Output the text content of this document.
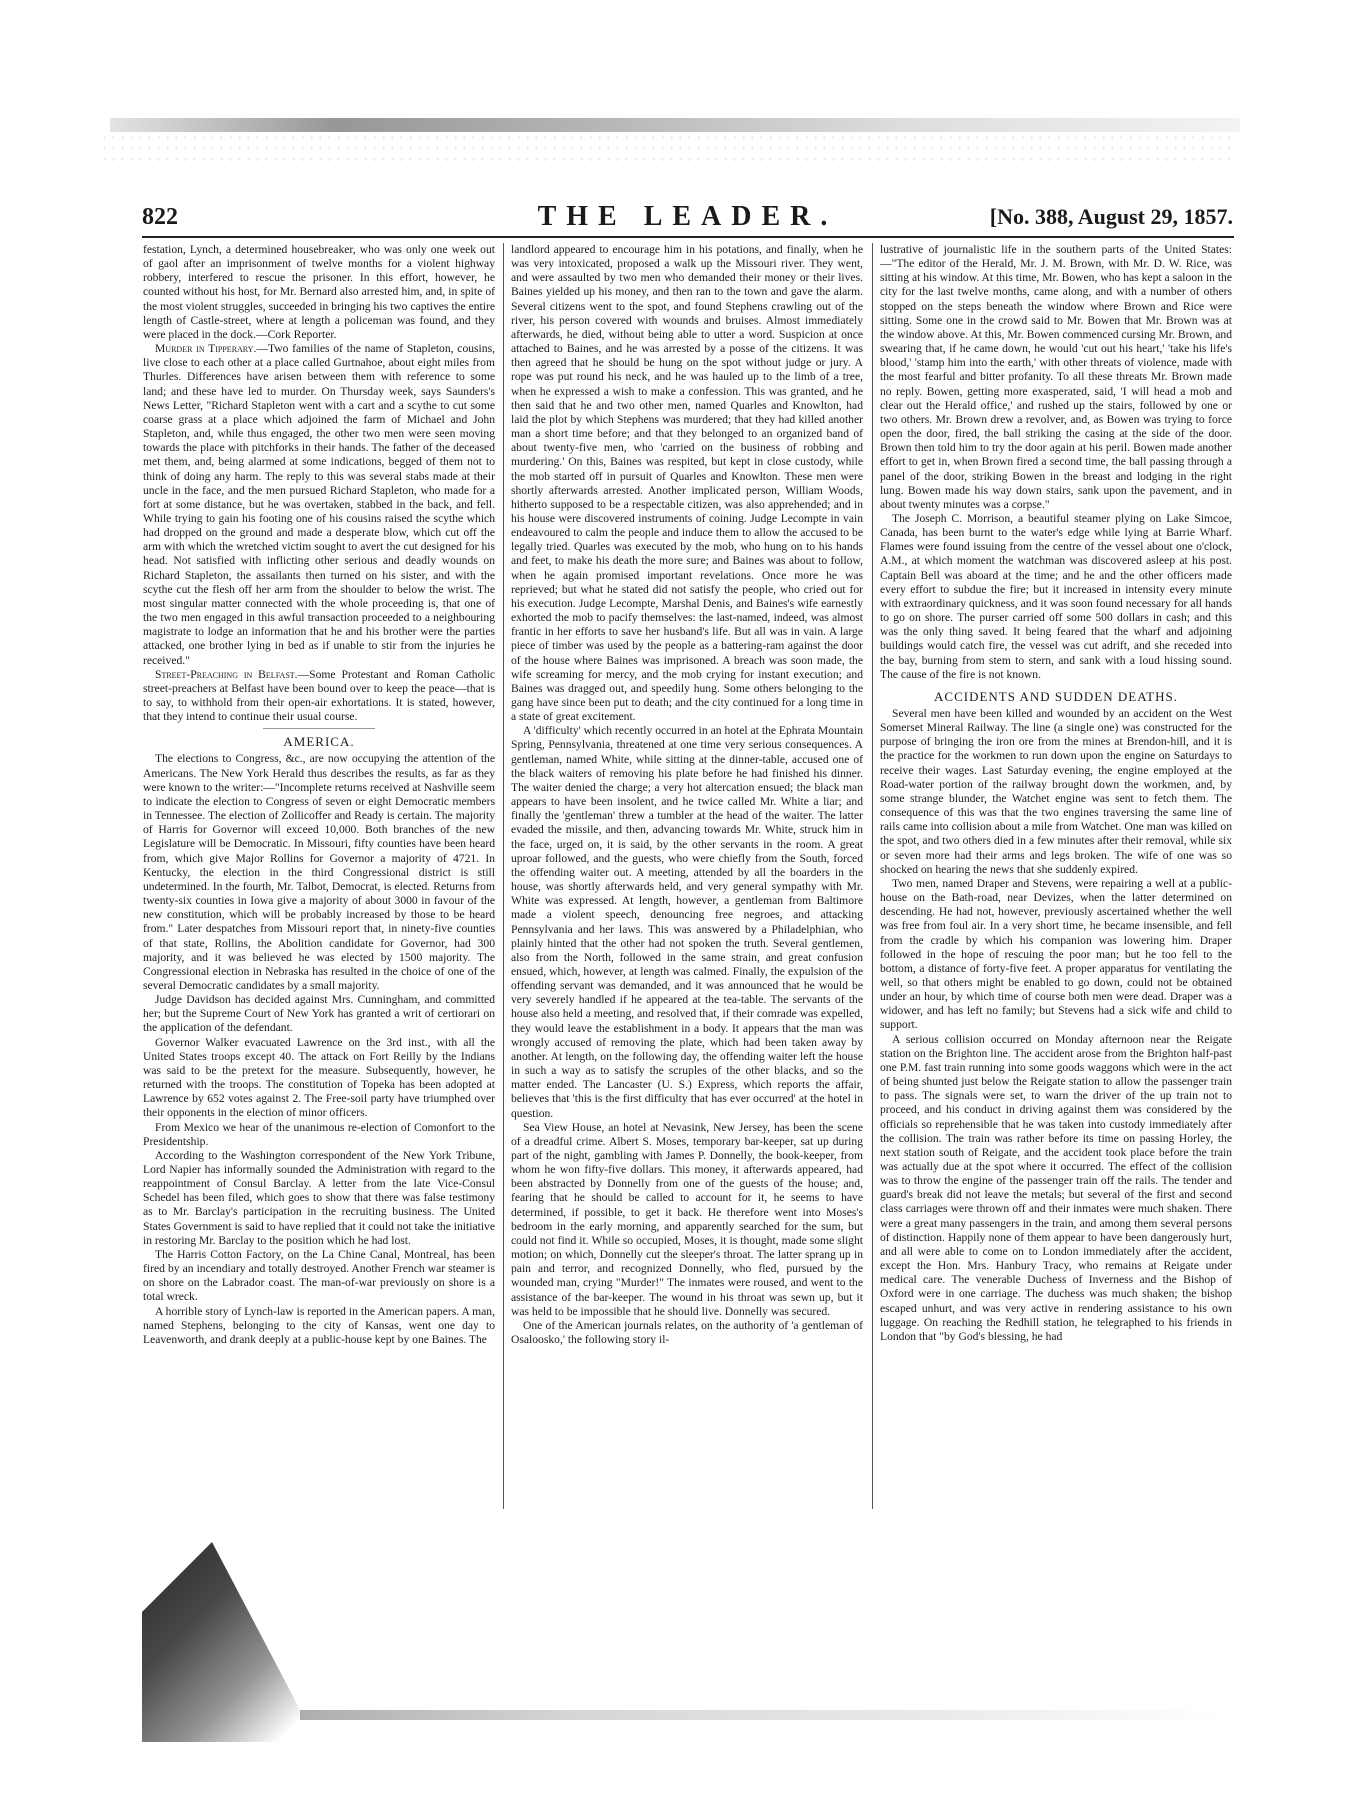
822	THE LEADER.	[No. 388, August 29, 1857.

festation, Lynch, a determined housebreaker, who was only one week out of gaol after an imprisonment of twelve months for a violent highway robbery, interfered to rescue the prisoner. In this effort, however, he counted without his host, for Mr. Bernard also arrested him, and, in spite of the most violent struggles, succeeded in bringing his two captives the entire length of Castle-street, where at length a policeman was found, and they were placed in the dock.—Cork Reporter.

Murder in Tipperary.—Two families of the name of Stapleton, cousins, live close to each other at a place called Gurtnahoe, about eight miles from Thurles. Differences have arisen between them with reference to some land; and these have led to murder. On Thursday week, says Saunders's News Letter, "Richard Stapleton went with a cart and a scythe to cut some coarse grass at a place which adjoined the farm of Michael and John Stapleton, and, while thus engaged, the other two men were seen moving towards the place with pitchforks in their hands. The father of the deceased met them, and, being alarmed at some indications, begged of them not to think of doing any harm. The reply to this was several stabs made at their uncle in the face, and the men pursued Richard Stapleton, who made for a fort at some distance, but he was overtaken, stabbed in the back, and fell. While trying to gain his footing one of his cousins raised the scythe which had dropped on the ground and made a desperate blow, which cut off the arm with which the wretched victim sought to avert the cut designed for his head. Not satisfied with inflicting other serious and deadly wounds on Richard Stapleton, the assailants then turned on his sister, and with the scythe cut the flesh off her arm from the shoulder to below the wrist. The most singular matter connected with the whole proceeding is, that one of the two men engaged in this awful transaction proceeded to a neighbouring magistrate to lodge an information that he and his brother were the parties attacked, one brother lying in bed as if unable to stir from the injuries he received."

Street-Preaching in Belfast.—Some Protestant and Roman Catholic street-preachers at Belfast have been bound over to keep the peace—that is to say, to withhold from their open-air exhortations. It is stated, however, that they intend to continue their usual course.

AMERICA.

The elections to Congress, &c., are now occupying the attention of the Americans. The New York Herald thus describes the results, as far as they were known to the writer:—"Incomplete returns received at Nashville seem to indicate the election to Congress of seven or eight Democratic members in Tennessee. The election of Zollicoffer and Ready is certain. The majority of Harris for Governor will exceed 10,000. Both branches of the new Legislature will be Democratic. In Missouri, fifty counties have been heard from, which give Major Rollins for Governor a majority of 4721. In Kentucky, the election in the third Congressional district is still undetermined. In the fourth, Mr. Talbot, Democrat, is elected. Returns from twenty-six counties in Iowa give a majority of about 3000 in favour of the new constitution, which will be probably increased by those to be heard from." Later despatches from Missouri report that, in ninety-five counties of that state, Rollins, the Abolition candidate for Governor, had 300 majority, and it was believed he was elected by 1500 majority. The Congressional election in Nebraska has resulted in the choice of one of the several Democratic candidates by a small majority.

Judge Davidson has decided against Mrs. Cunningham, and committed her; but the Supreme Court of New York has granted a writ of certiorari on the application of the defendant.

Governor Walker evacuated Lawrence on the 3rd inst., with all the United States troops except 40. The attack on Fort Reilly by the Indians was said to be the pretext for the measure. Subsequently, however, he returned with the troops. The constitution of Topeka has been adopted at Lawrence by 652 votes against 2. The Free-soil party have triumphed over their opponents in the election of minor officers.

From Mexico we hear of the unanimous re-election of Comonfort to the Presidentship.

According to the Washington correspondent of the New York Tribune, Lord Napier has informally sounded the Administration with regard to the reappointment of Consul Barclay. A letter from the late Vice-Consul Schedel has been filed, which goes to show that there was false testimony as to Mr. Barclay's participation in the recruiting business. The United States Government is said to have replied that it could not take the initiative in restoring Mr. Barclay to the position which he had lost.

The Harris Cotton Factory, on the La Chine Canal, Montreal, has been fired by an incendiary and totally destroyed. Another French war steamer is on shore on the Labrador coast. The man-of-war previously on shore is a total wreck.

A horrible story of Lynch-law is reported in the American papers. A man, named Stephens, belonging to the city of Kansas, went one day to Leavenworth, and drank deeply at a public-house kept by one Baines. The

landlord appeared to encourage him in his potations, and finally, when he was very intoxicated, proposed a walk up the Missouri river. They went, and were assaulted by two men who demanded their money or their lives. Baines yielded up his money, and then ran to the town and gave the alarm. Several citizens went to the spot, and found Stephens crawling out of the river, his person covered with wounds and bruises. Almost immediately afterwards, he died, without being able to utter a word. Suspicion at once attached to Baines, and he was arrested by a posse of the citizens. It was then agreed that he should be hung on the spot without judge or jury. A rope was put round his neck, and he was hauled up to the limb of a tree, when he expressed a wish to make a confession. This was granted, and he then said that he and two other men, named Quarles and Knowlton, had laid the plot by which Stephens was murdered; that they had killed another man a short time before; and that they belonged to an organized band of about twenty-five men, who 'carried on the business of robbing and murdering.' On this, Baines was respited, but kept in close custody, while the mob started off in pursuit of Quarles and Knowlton. These men were shortly afterwards arrested. Another implicated person, William Woods, hitherto supposed to be a respectable citizen, was also apprehended; and in his house were discovered instruments of coining. Judge Lecompte in vain endeavoured to calm the people and induce them to allow the accused to be legally tried. Quarles was executed by the mob, who hung on to his hands and feet, to make his death the more sure; and Baines was about to follow, when he again promised important revelations. Once more he was reprieved; but what he stated did not satisfy the people, who cried out for his execution. Judge Lecompte, Marshal Denis, and Baines's wife earnestly exhorted the mob to pacify themselves: the last-named, indeed, was almost frantic in her efforts to save her husband's life. But all was in vain. A large piece of timber was used by the people as a battering-ram against the door of the house where Baines was imprisoned. A breach was soon made, the wife screaming for mercy, and the mob crying for instant execution; and Baines was dragged out, and speedily hung. Some others belonging to the gang have since been put to death; and the city continued for a long time in a state of great excitement.

A 'difficulty' which recently occurred in an hotel at the Ephrata Mountain Spring, Pennsylvania, threatened at one time very serious consequences. A gentleman, named White, while sitting at the dinner-table, accused one of the black waiters of removing his plate before he had finished his dinner. The waiter denied the charge; a very hot altercation ensued; the black man appears to have been insolent, and he twice called Mr. White a liar; and finally the 'gentleman' threw a tumbler at the head of the waiter. The latter evaded the missile, and then, advancing towards Mr. White, struck him in the face, urged on, it is said, by the other servants in the room. A great uproar followed, and the guests, who were chiefly from the South, forced the offending waiter out. A meeting, attended by all the boarders in the house, was shortly afterwards held, and very general sympathy with Mr. White was expressed. At length, however, a gentleman from Baltimore made a violent speech, denouncing free negroes, and attacking Pennsylvania and her laws. This was answered by a Philadelphian, who plainly hinted that the other had not spoken the truth. Several gentlemen, also from the North, followed in the same strain, and great confusion ensued, which, however, at length was calmed. Finally, the expulsion of the offending servant was demanded, and it was announced that he would be very severely handled if he appeared at the tea-table. The servants of the house also held a meeting, and resolved that, if their comrade was expelled, they would leave the establishment in a body. It appears that the man was wrongly accused of removing the plate, which had been taken away by another. At length, on the following day, the offending waiter left the house in such a way as to satisfy the scruples of the other blacks, and so the matter ended. The Lancaster (U. S.) Express, which reports the affair, believes that 'this is the first difficulty that has ever occurred' at the hotel in question.

Sea View House, an hotel at Nevasink, New Jersey, has been the scene of a dreadful crime. Albert S. Moses, temporary bar-keeper, sat up during part of the night, gambling with James P. Donnelly, the book-keeper, from whom he won fifty-five dollars. This money, it afterwards appeared, had been abstracted by Donnelly from one of the guests of the house; and, fearing that he should be called to account for it, he seems to have determined, if possible, to get it back. He therefore went into Moses's bedroom in the early morning, and apparently searched for the sum, but could not find it. While so occupied, Moses, it is thought, made some slight motion; on which, Donnelly cut the sleeper's throat. The latter sprang up in pain and terror, and recognized Donnelly, who fled, pursued by the wounded man, crying "Murder!" The inmates were roused, and went to the assistance of the bar-keeper. The wound in his throat was sewn up, but it was held to be impossible that he should live. Donnelly was secured.

One of the American journals relates, on the authority of 'a gentleman of Osaloosko,' the following story il-

lustrative of journalistic life in the southern parts of the United States:—"The editor of the Herald, Mr. J. M. Brown, with Mr. D. W. Rice, was sitting at his window. At this time, Mr. Bowen, who has kept a saloon in the city for the last twelve months, came along, and with a number of others stopped on the steps beneath the window where Brown and Rice were sitting. Some one in the crowd said to Mr. Bowen that Mr. Brown was at the window above. At this, Mr. Bowen commenced cursing Mr. Brown, and swearing that, if he came down, he would 'cut out his heart,' 'take his life's blood,' 'stamp him into the earth,' with other threats of violence, made with the most fearful and bitter profanity. To all these threats Mr. Brown made no reply. Bowen, getting more exasperated, said, 'I will head a mob and clear out the Herald office,' and rushed up the stairs, followed by one or two others. Mr. Brown drew a revolver, and, as Bowen was trying to force open the door, fired, the ball striking the casing at the side of the door. Brown then told him to try the door again at his peril. Bowen made another effort to get in, when Brown fired a second time, the ball passing through a panel of the door, striking Bowen in the breast and lodging in the right lung. Bowen made his way down stairs, sank upon the pavement, and in about twenty minutes was a corpse."

The Joseph C. Morrison, a beautiful steamer plying on Lake Simcoe, Canada, has been burnt to the water's edge while lying at Barrie Wharf. Flames were found issuing from the centre of the vessel about one o'clock, A.M., at which moment the watchman was discovered asleep at his post. Captain Bell was aboard at the time; and he and the other officers made every effort to subdue the fire; but it increased in intensity every minute with extraordinary quickness, and it was soon found necessary for all hands to go on shore. The purser carried off some 500 dollars in cash; and this was the only thing saved. It being feared that the wharf and adjoining buildings would catch fire, the vessel was cut adrift, and she receded into the bay, burning from stem to stern, and sank with a loud hissing sound. The cause of the fire is not known.

ACCIDENTS AND SUDDEN DEATHS.

Several men have been killed and wounded by an accident on the West Somerset Mineral Railway. The line (a single one) was constructed for the purpose of bringing the iron ore from the mines at Brendon-hill, and it is the practice for the workmen to run down upon the engine on Saturdays to receive their wages. Last Saturday evening, the engine employed at the Road-water portion of the railway brought down the workmen, and, by some strange blunder, the Watchet engine was sent to fetch them. The consequence of this was that the two engines traversing the same line of rails came into collision about a mile from Watchet. One man was killed on the spot, and two others died in a few minutes after their removal, while six or seven more had their arms and legs broken. The wife of one was so shocked on hearing the news that she suddenly expired.

Two men, named Draper and Stevens, were repairing a well at a public-house on the Bath-road, near Devizes, when the latter determined on descending. He had not, however, previously ascertained whether the well was free from foul air. In a very short time, he became insensible, and fell from the cradle by which his companion was lowering him. Draper followed in the hope of rescuing the poor man; but he too fell to the bottom, a distance of forty-five feet. A proper apparatus for ventilating the well, so that others might be enabled to go down, could not be obtained under an hour, by which time of course both men were dead. Draper was a widower, and has left no family; but Stevens had a sick wife and child to support.

A serious collision occurred on Monday afternoon near the Reigate station on the Brighton line. The accident arose from the Brighton half-past one P.M. fast train running into some goods waggons which were in the act of being shunted just below the Reigate station to allow the passenger train to pass. The signals were set, to warn the driver of the up train not to proceed, and his conduct in driving against them was considered by the officials so reprehensible that he was taken into custody immediately after the collision. The train was rather before its time on passing Horley, the next station south of Reigate, and the accident took place before the train was actually due at the spot where it occurred. The effect of the collision was to throw the engine of the passenger train off the rails. The tender and guard's break did not leave the metals; but several of the first and second class carriages were thrown off and their inmates were much shaken. There were a great many passengers in the train, and among them several persons of distinction. Happily none of them appear to have been dangerously hurt, and all were able to come on to London immediately after the accident, except the Hon. Mrs. Hanbury Tracy, who remains at Reigate under medical care. The venerable Duchess of Inverness and the Bishop of Oxford were in one carriage. The duchess was much shaken; the bishop escaped unhurt, and was very active in rendering assistance to his own luggage. On reaching the Redhill station, he telegraphed to his friends in London that "by God's blessing, he had
